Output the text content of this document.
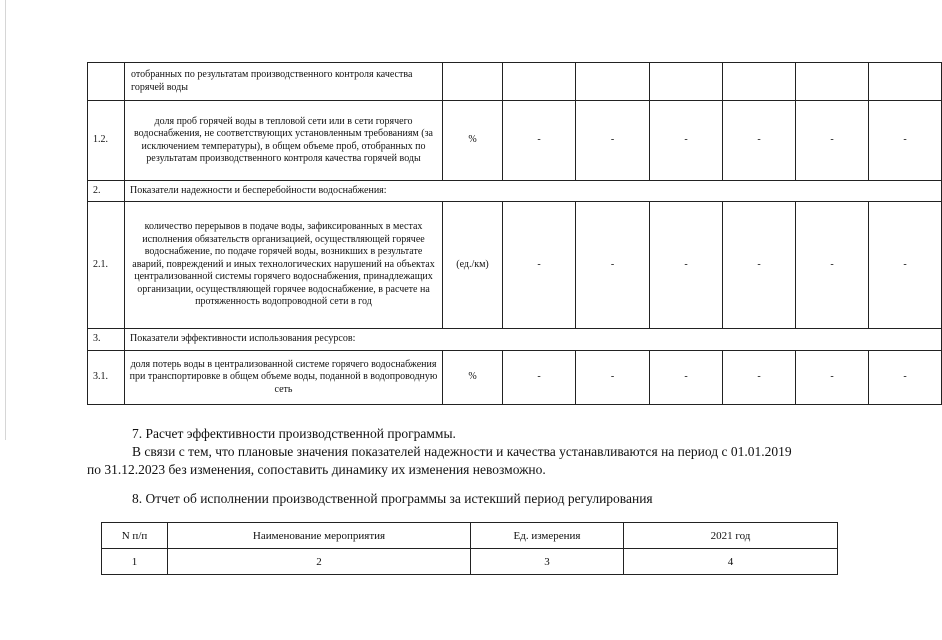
	отобранных по результатам производственного контроля качества горячей воды							
1.2.	доля проб горячей воды в тепловой сети или в сети горячего водоснабжения, не соответствующих установленным требованиям (за исключением температуры), в общем объеме проб, отобранных по результатам производственного контроля качества горячей воды	%	-	-	-	-	-	-
2.	Показатели надежности и бесперебойности водоснабжения:							
2.1.	количество перерывов в подаче воды, зафиксированных в местах исполнения обязательств организацией, осуществляющей горячее водоснабжение, по подаче горячей воды, возникших в результате аварий, повреждений и иных технологических нарушений на объектах централизованной системы горячего водоснабжения, принадлежащих организации, осуществляющей горячее водоснабжение, в расчете на протяженность водопроводной сети в год	(ед./км)	-	-	-	-	-	-
3.	Показатели эффективности использования ресурсов:							
3.1.	доля потерь воды в централизованной системе горячего водоснабжения при транспортировке в общем объеме воды, поданной в водопроводную сеть	%	-	-	-	-	-	-
7. Расчет эффективности производственной программы.
В связи с тем, что плановые значения показателей надежности и качества устанавливаются на период с 01.01.2019
по 31.12.2023 без изменения, сопоставить динамику их изменения невозможно.
8. Отчет об исполнении производственной программы за истекший период регулирования
N п/п	Наименование мероприятия	Ед. измерения	2021 год
1	2	3	4
